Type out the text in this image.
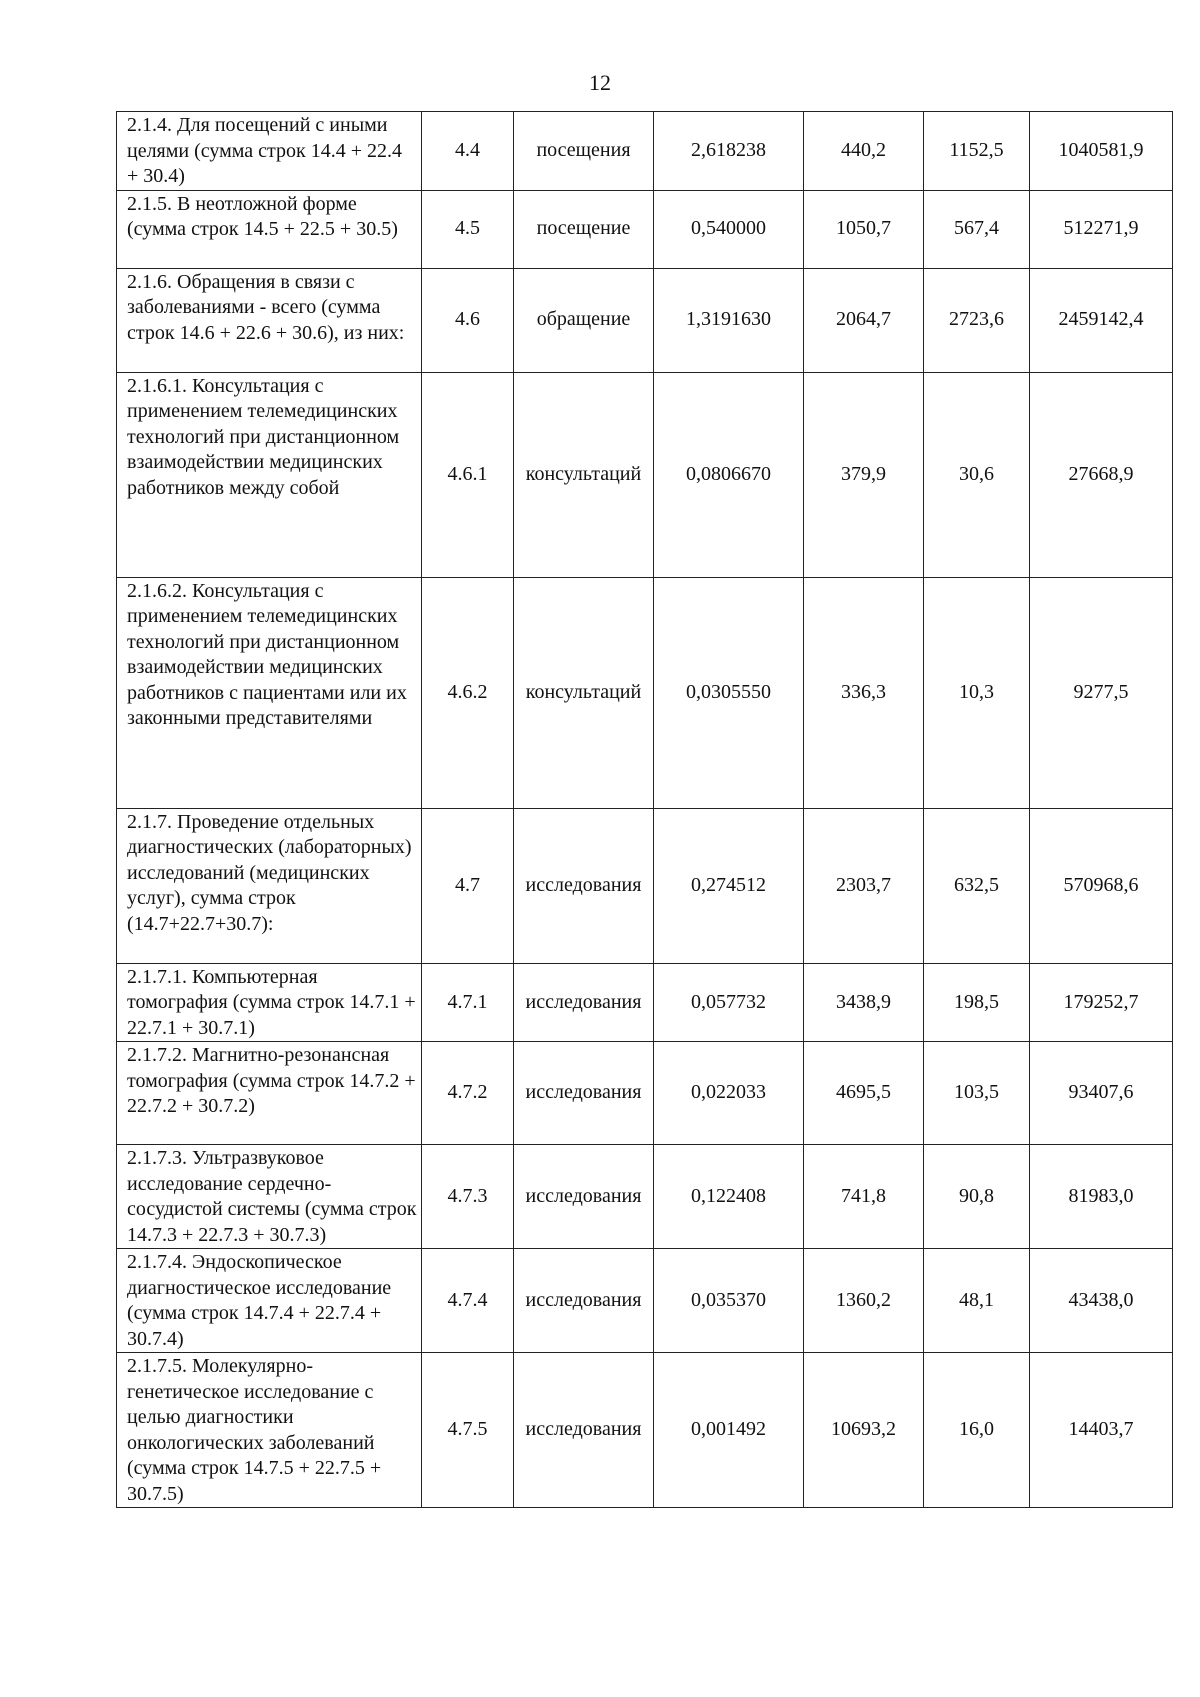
12
2.1.4. Для посещений с иными целями (сумма строк 14.4 + 22.4 + 30.4)	4.4	посещения	2,618238	440,2	1152,5	1040581,9
2.1.5. В неотложной форме (сумма строк 14.5 + 22.5 + 30.5)	4.5	посещение	0,540000	1050,7	567,4	512271,9
2.1.6. Обращения в связи с заболеваниями - всего (сумма строк 14.6 + 22.6 + 30.6), из них:	4.6	обращение	1,3191630	2064,7	2723,6	2459142,4
2.1.6.1. Консультация с применением телемедицинских технологий при дистанционном взаимодействии медицинских работников между собой	4.6.1	консультаций	0,0806670	379,9	30,6	27668,9
2.1.6.2. Консультация с применением телемедицинских технологий при дистанционном взаимодействии медицинских работников с пациентами или их законными представителями	4.6.2	консультаций	0,0305550	336,3	10,3	9277,5
2.1.7. Проведение отдельных диагностических (лабораторных) исследований (медицинских услуг), сумма строк (14.7+22.7+30.7):	4.7	исследования	0,274512	2303,7	632,5	570968,6
2.1.7.1. Компьютерная томография (сумма строк 14.7.1 + 22.7.1 + 30.7.1)	4.7.1	исследования	0,057732	3438,9	198,5	179252,7
2.1.7.2. Магнитно-резонансная томография (сумма строк 14.7.2 + 22.7.2 + 30.7.2)	4.7.2	исследования	0,022033	4695,5	103,5	93407,6
2.1.7.3. Ультразвуковое исследование сердечно-сосудистой системы (сумма строк 14.7.3 + 22.7.3 + 30.7.3)	4.7.3	исследования	0,122408	741,8	90,8	81983,0
2.1.7.4. Эндоскопическое диагностическое исследование (сумма строк 14.7.4 + 22.7.4 + 30.7.4)	4.7.4	исследования	0,035370	1360,2	48,1	43438,0
2.1.7.5. Молекулярно-генетическое исследование с целью диагностики онкологических заболеваний (сумма строк 14.7.5 + 22.7.5 + 30.7.5)	4.7.5	исследования	0,001492	10693,2	16,0	14403,7
